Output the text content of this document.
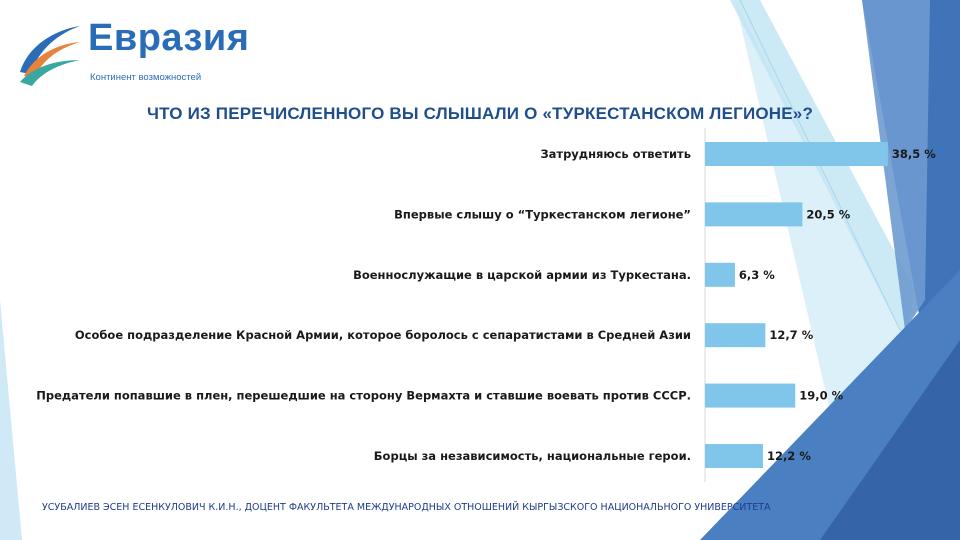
Евразия
Континент возможностей
ЧТО ИЗ ПЕРЕЧИСЛЕННОГО ВЫ СЛЫШАЛИ О «ТУРКЕСТАНСКОМ ЛЕГИОНЕ»?
Затрудняюсь ответить	38,5 %
Впервые слышу о “Туркестанском легионе”	20,5 %
Военнослужащие в царской армии из Туркестана.	6,3 %
Особое подразделение Красной Армии, которое боролось с сепаратистами в Средней Азии	12,7 %
Предатели попавшие в плен, перешедшие на сторону Вермахта и ставшие воевать против СССР.	19,0 %
Борцы за независимость, национальные герои.	12,2 %
УСУБАЛИЕВ ЭСЕН ЕСЕНКУЛОВИЧ К.И.Н., ДОЦЕНТ ФАКУЛЬТЕТА МЕЖДУНАРОДНЫХ ОТНОШЕНИЙ КЫРГЫЗСКОГО НАЦИОНАЛЬНОГО УНИВЕРСИТЕТА
